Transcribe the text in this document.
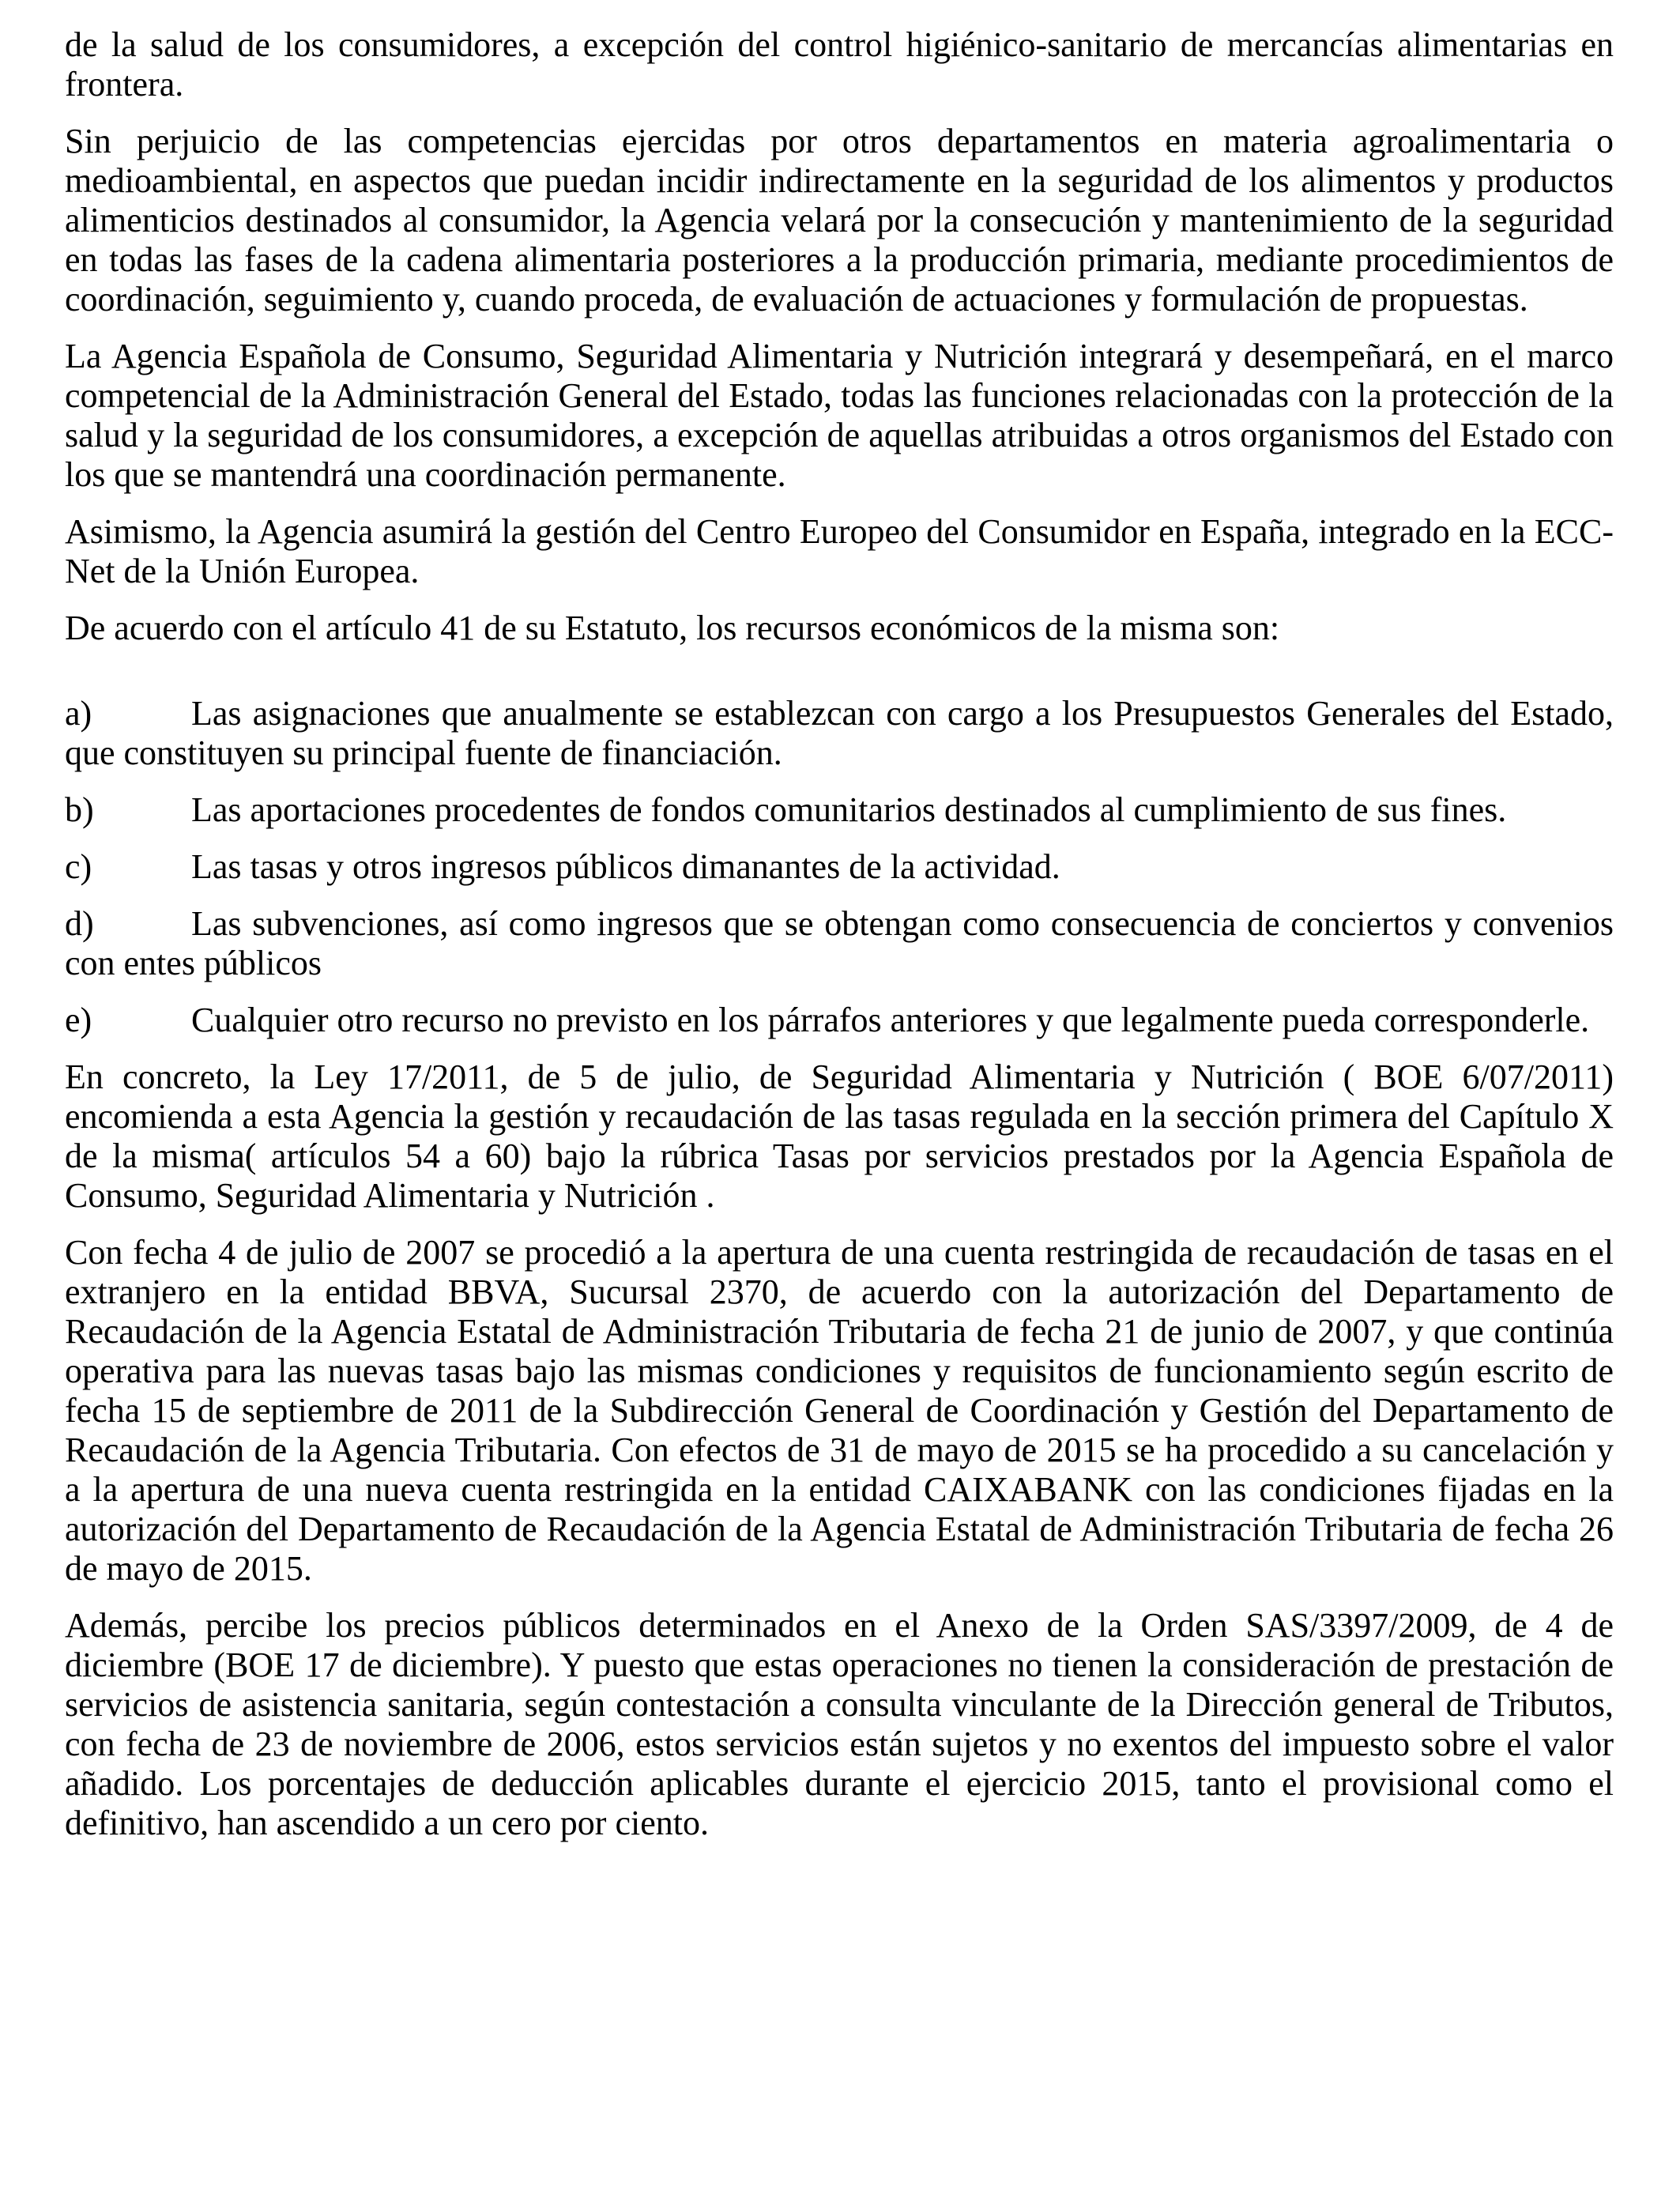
de la salud de los consumidores, a excepción del control higiénico-sanitario de mercancías alimentarias en frontera.

Sin perjuicio de las competencias ejercidas por otros departamentos en materia agroalimentaria o medioambiental, en aspectos que puedan incidir indirectamente en la seguridad de los alimentos y productos alimenticios destinados al consumidor, la Agencia velará por la consecución y mantenimiento de la seguridad en todas las fases de la cadena alimentaria posteriores a la producción primaria, mediante procedimientos de coordinación, seguimiento y, cuando proceda, de evaluación de actuaciones y formulación de propuestas.

La Agencia Española de Consumo, Seguridad Alimentaria y Nutrición integrará y desempeñará, en el marco competencial de la Administración General del Estado, todas las funciones relacionadas con la protección de la salud y la seguridad de los consumidores, a excepción de aquellas atribuidas a otros organismos del Estado con los que se mantendrá una coordinación permanente.

Asimismo, la Agencia asumirá la gestión del Centro Europeo del Consumidor en España, integrado en la ECC-Net de la Unión Europea.

De acuerdo con el artículo 41 de su Estatuto, los recursos económicos de la misma son:

a)	Las asignaciones que anualmente se establezcan con cargo a los Presupuestos Generales del Estado, que constituyen su principal fuente de financiación.

b)	Las aportaciones procedentes de fondos comunitarios destinados al cumplimiento de sus fines.

c)	Las tasas y otros ingresos públicos dimanantes de la actividad.

d)	Las subvenciones, así como ingresos que se obtengan como consecuencia de conciertos y convenios con entes públicos

e)	Cualquier otro recurso no previsto en los párrafos anteriores y que legalmente pueda corresponderle.

En concreto, la Ley 17/2011, de 5 de julio, de Seguridad Alimentaria y Nutrición ( BOE 6/07/2011) encomienda a esta Agencia la gestión y recaudación de las tasas regulada en la sección primera del Capítulo X de la misma( artículos 54 a 60) bajo la rúbrica Tasas por servicios prestados por la Agencia Española de Consumo, Seguridad Alimentaria y Nutrición .

Con fecha 4 de julio de 2007 se procedió a la apertura de una cuenta restringida de recaudación de tasas en el extranjero en la entidad BBVA, Sucursal 2370, de acuerdo con la autorización del Departamento de Recaudación de la Agencia Estatal de Administración Tributaria de fecha 21 de junio de 2007, y que continúa operativa para las nuevas tasas bajo las mismas condiciones y requisitos de funcionamiento según escrito de fecha 15 de septiembre de 2011 de la Subdirección General de Coordinación y Gestión del Departamento de Recaudación de la Agencia Tributaria. Con efectos de 31 de mayo de 2015 se ha procedido a su cancelación y a la apertura de una nueva cuenta restringida en la entidad CAIXABANK con las condiciones fijadas en la autorización del Departamento de Recaudación de la Agencia Estatal de Administración Tributaria de fecha 26 de mayo de 2015.

Además, percibe los precios públicos determinados en el Anexo de la Orden SAS/3397/2009, de 4 de diciembre (BOE 17 de diciembre). Y puesto que estas operaciones no tienen la consideración de prestación de servicios de asistencia sanitaria, según contestación a consulta vinculante de la Dirección general de Tributos, con fecha de 23 de noviembre de 2006, estos servicios están sujetos y no exentos del impuesto sobre el valor añadido. Los porcentajes de deducción aplicables durante el ejercicio 2015, tanto el provisional como el definitivo, han ascendido a un cero por ciento.
